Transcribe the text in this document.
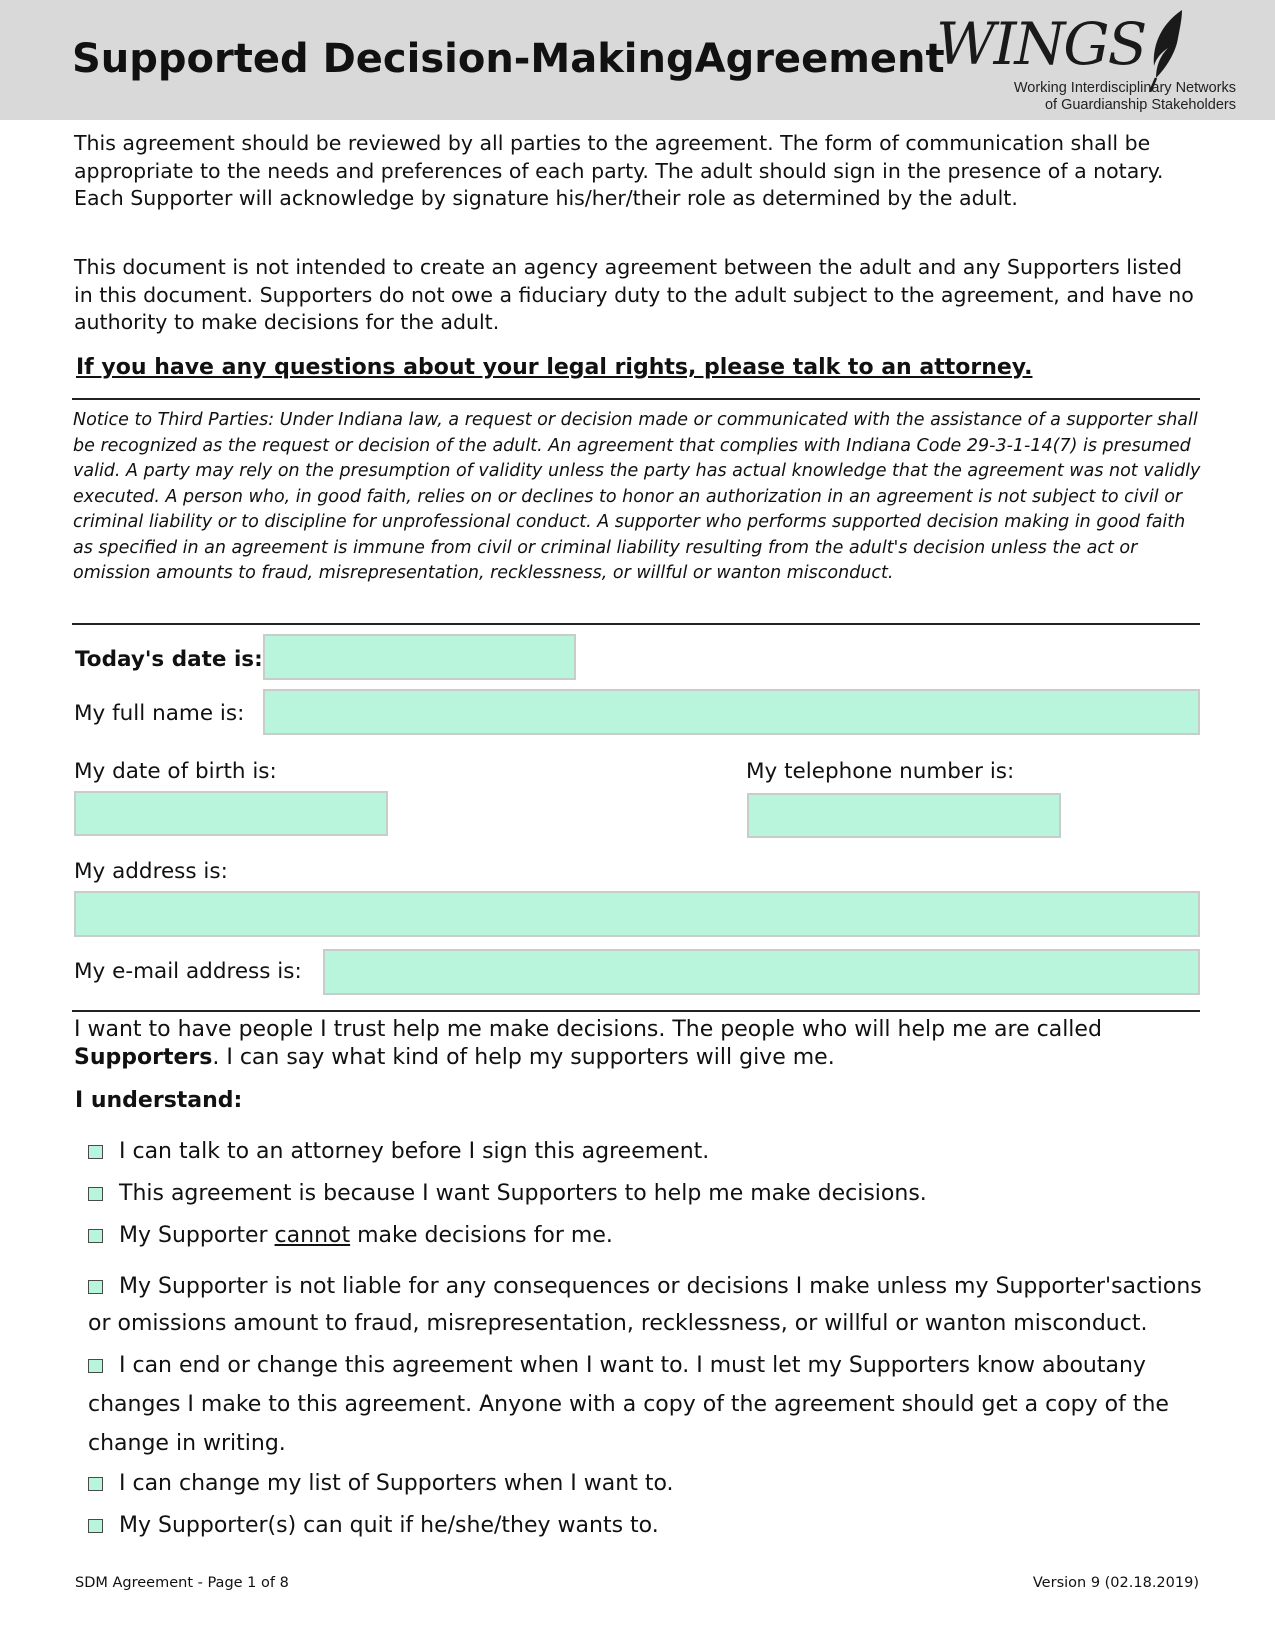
Supported Decision-MakingAgreement
WINGS
Working Interdisciplinary Networks
of Guardianship Stakeholders

This agreement should be reviewed by all parties to the agreement. The form of communication shall be appropriate to the needs and preferences of each party. The adult should sign in the presence of a notary. Each Supporter will acknowledge by signature his/her/their role as determined by the adult.

This document is not intended to create an agency agreement between the adult and any Supporters listed in this document. Supporters do not owe a fiduciary duty to the adult subject to the agreement, and have no authority to make decisions for the adult.

If you have any questions about your legal rights, please talk to an attorney.

Notice to Third Parties: Under Indiana law, a request or decision made or communicated with the assistance of a supporter shall be recognized as the request or decision of the adult. An agreement that complies with Indiana Code 29-3-1-14(7) is presumed valid. A party may rely on the presumption of validity unless the party has actual knowledge that the agreement was not validly executed. A person who, in good faith, relies on or declines to honor an authorization in an agreement is not subject to civil or criminal liability or to discipline for unprofessional conduct. A supporter who performs supported decision making in good faith as specified in an agreement is immune from civil or criminal liability resulting from the adult's decision unless the act or omission amounts to fraud, misrepresentation, recklessness, or willful or wanton misconduct.

Today's date is:
My full name is:
My date of birth is:	My telephone number is:
My address is:
My e-mail address is:

I want to have people I trust help me make decisions. The people who will help me are called Supporters. I can say what kind of help my supporters will give me.

I understand:

I can talk to an attorney before I sign this agreement.
This agreement is because I want Supporters to help me make decisions.
My Supporter cannot make decisions for me.
My Supporter is not liable for any consequences or decisions I make unless my Supporter'sactions
or omissions amount to fraud, misrepresentation, recklessness, or willful or wanton misconduct.
I can end or change this agreement when I want to. I must let my Supporters know aboutany
changes I make to this agreement. Anyone with a copy of the agreement should get a copy of the
change in writing.
I can change my list of Supporters when I want to.
My Supporter(s) can quit if he/she/they wants to.
SDM Agreement - Page 1 of 8	Version 9 (02.18.2019)
